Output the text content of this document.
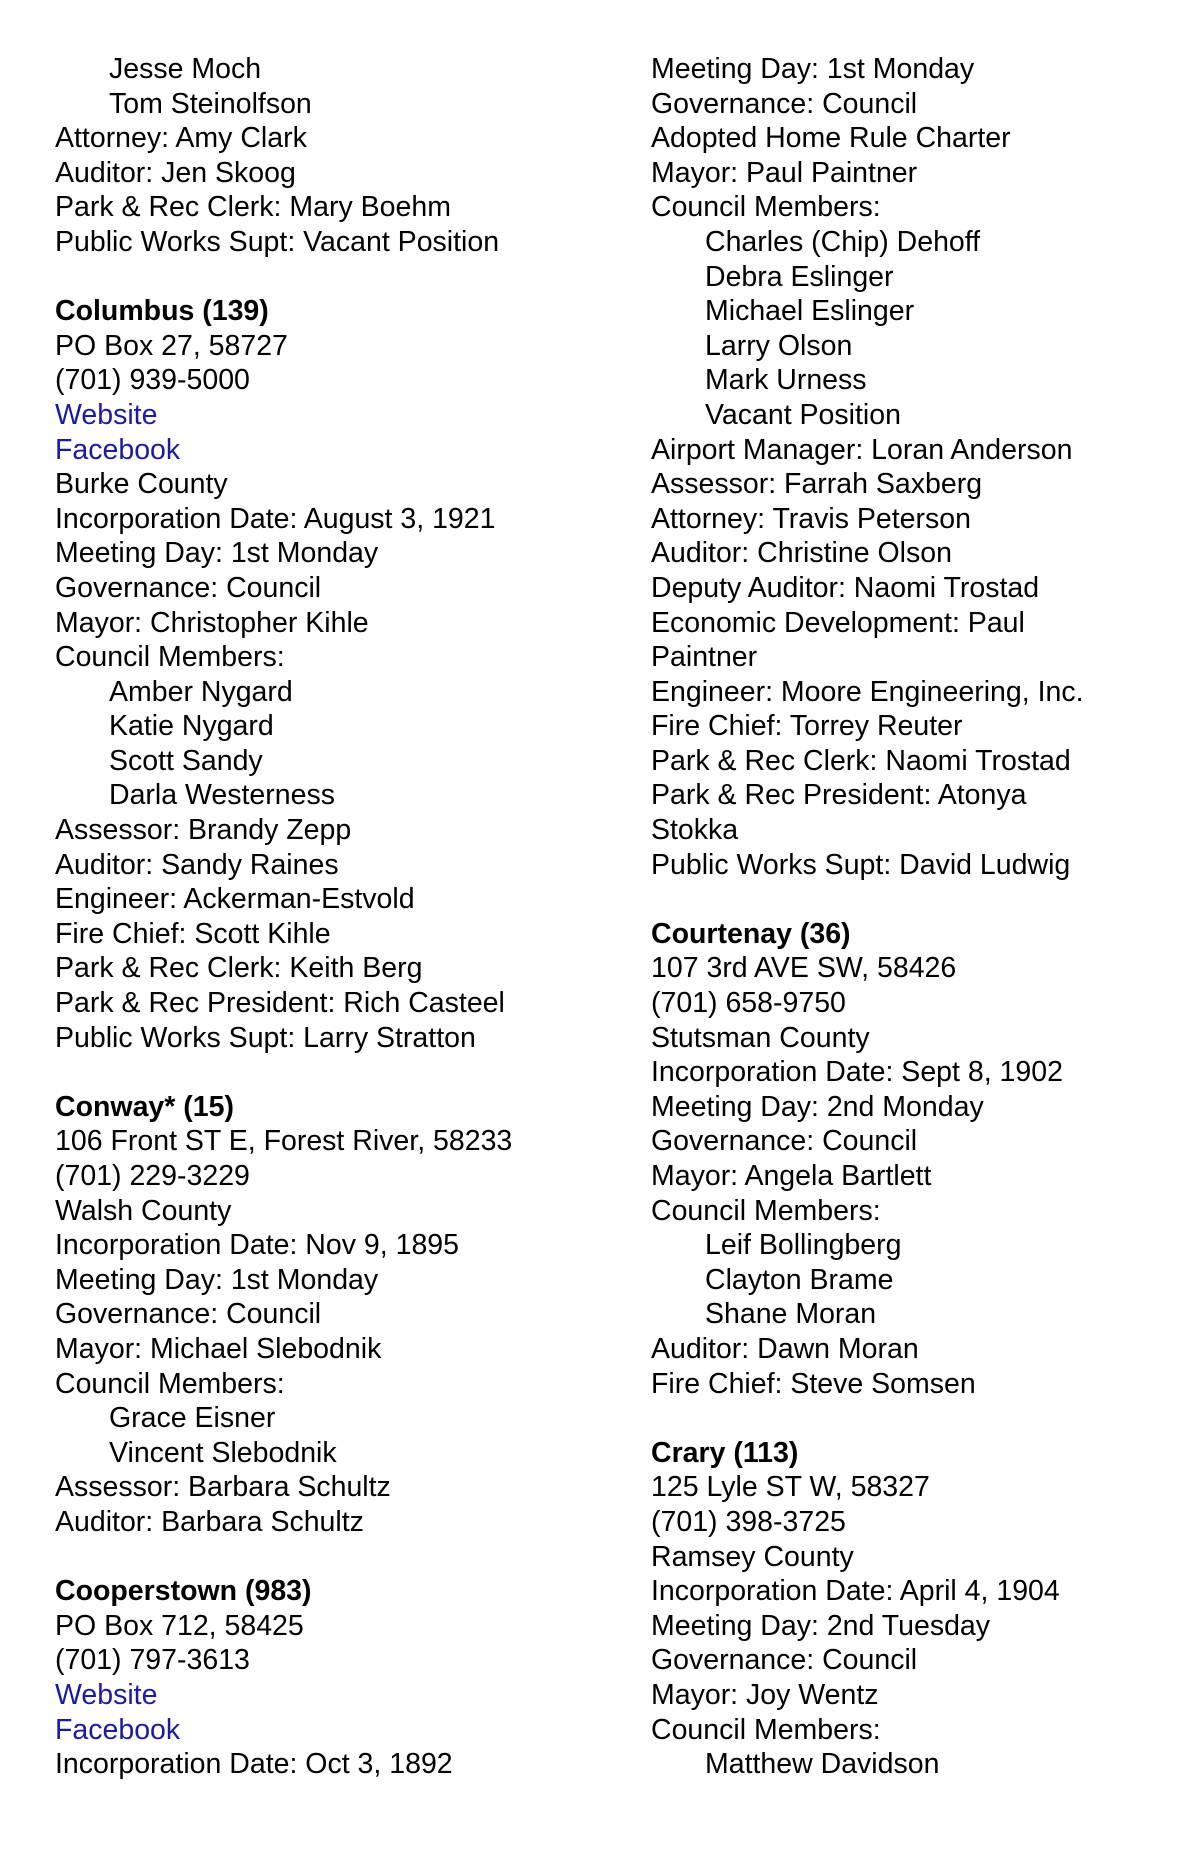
Jesse Moch
Tom Steinolfson
Attorney: Amy Clark
Auditor: Jen Skoog
Park & Rec Clerk: Mary Boehm
Public Works Supt: Vacant Position
Columbus (139)
PO Box 27, 58727
(701) 939-5000
Website
Facebook
Burke County
Incorporation Date: August 3, 1921
Meeting Day: 1st Monday
Governance: Council
Mayor: Christopher Kihle
Council Members:
Amber Nygard
Katie Nygard
Scott Sandy
Darla Westerness
Assessor: Brandy Zepp
Auditor: Sandy Raines
Engineer: Ackerman-Estvold
Fire Chief: Scott Kihle
Park & Rec Clerk: Keith Berg
Park & Rec President: Rich Casteel
Public Works Supt: Larry Stratton
Conway* (15)
106 Front ST E, Forest River, 58233
(701) 229-3229
Walsh County
Incorporation Date: Nov 9, 1895
Meeting Day: 1st Monday
Governance: Council
Mayor: Michael Slebodnik
Council Members:
Grace Eisner
Vincent Slebodnik
Assessor: Barbara Schultz
Auditor: Barbara Schultz
Cooperstown (983)
PO Box 712, 58425
(701) 797-3613
Website
Facebook
Incorporation Date: Oct 3, 1892
Meeting Day: 1st Monday
Governance: Council
Adopted Home Rule Charter
Mayor: Paul Paintner
Council Members:
Charles (Chip) Dehoff
Debra Eslinger
Michael Eslinger
Larry Olson
Mark Urness
Vacant Position
Airport Manager: Loran Anderson
Assessor: Farrah Saxberg
Attorney: Travis Peterson
Auditor: Christine Olson
Deputy Auditor: Naomi Trostad
Economic Development: Paul
Paintner
Engineer: Moore Engineering, Inc.
Fire Chief: Torrey Reuter
Park & Rec Clerk: Naomi Trostad
Park & Rec President: Atonya
Stokka
Public Works Supt: David Ludwig
Courtenay (36)
107 3rd AVE SW, 58426
(701) 658-9750
Stutsman County
Incorporation Date: Sept 8, 1902
Meeting Day: 2nd Monday
Governance: Council
Mayor: Angela Bartlett
Council Members:
Leif Bollingberg
Clayton Brame
Shane Moran
Auditor: Dawn Moran
Fire Chief: Steve Somsen
Crary (113)
125 Lyle ST W, 58327
(701) 398-3725
Ramsey County
Incorporation Date: April 4, 1904
Meeting Day: 2nd Tuesday
Governance: Council
Mayor: Joy Wentz
Council Members:
Matthew Davidson
